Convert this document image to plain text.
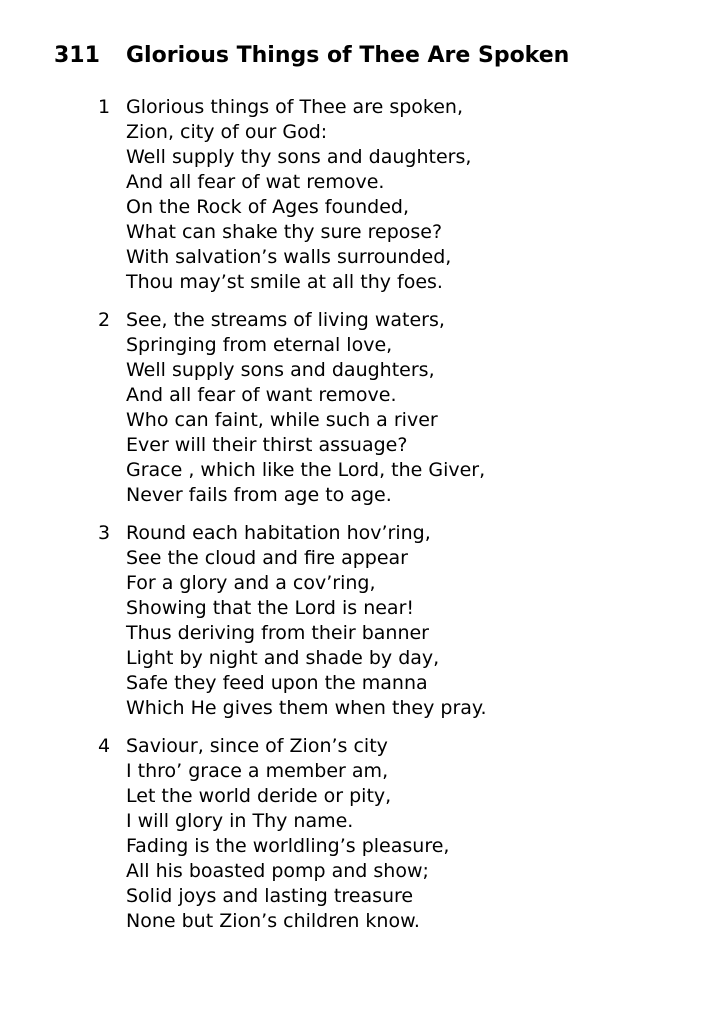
311	Glorious Things of Thee Are Spoken
1 Glorious things of Thee are spoken,
Zion, city of our God:
Well supply thy sons and daughters,
And all fear of wat remove.
On the Rock of Ages founded,
What can shake thy sure repose?
With salvation’s walls surrounded,
Thou may’st smile at all thy foes.
2 See, the streams of living waters,
Springing from eternal love,
Well supply sons and daughters,
And all fear of want remove.
Who can faint, while such a river
Ever will their thirst assuage?
Grace , which like the Lord, the Giver,
Never fails from age to age.
3 Round each habitation hov’ring,
See the cloud and fire appear
For a glory and a cov’ring,
Showing that the Lord is near!
Thus deriving from their banner
Light by night and shade by day,
Safe they feed upon the manna
Which He gives them when they pray.
4 Saviour, since of Zion’s city
I thro’ grace a member am,
Let the world deride or pity,
I will glory in Thy name.
Fading is the worldling’s pleasure,
All his boasted pomp and show;
Solid joys and lasting treasure
None but Zion’s children know.
